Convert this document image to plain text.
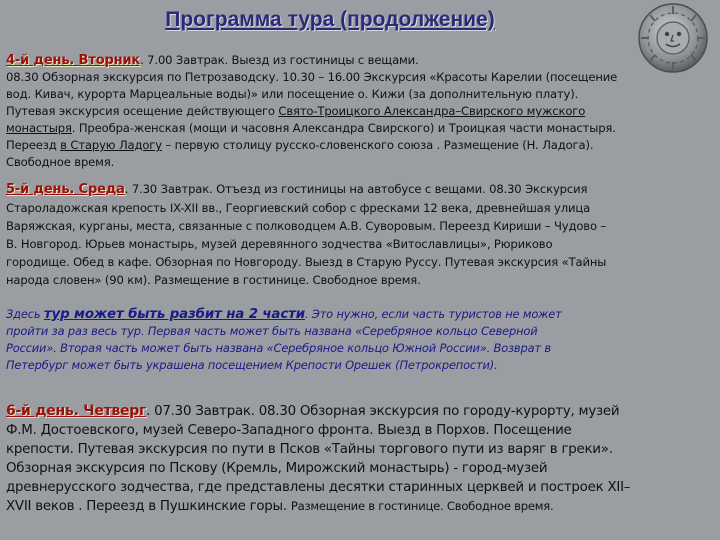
Программа тура (продолжение)
4-й день. Вторник. 7.00 Завтрак. Выезд из гостиницы с вещами.
08.30 Обзорная экскурсия по Петрозаводску. 10.30 – 16.00 Экскурсия «Красоты Карелии (посещение
вод. Кивач, курорта Марцеальные воды)» или посещение о. Кижи (за дополнительную плату).
Путевая экскурсия осещение действующего Свято-Троицкого Александра–Свирского мужского
монастыря. Преобра-женская (мощи и часовня Александра Свирского) и Троицкая части монастыря.
Переезд в Старую Ладогу – первую столицу русско-словенского союза . Размещение (Н. Ладога).
Свободное время.
5-й день. Среда. 7.30 Завтрак. Отъезд из гостиницы на автобусе с вещами. 08.30 Экскурсия
Староладожская крепость IX-XII вв., Георгиевский собор с фресками 12 века, древнейшая улица
Варяжская, курганы, места, связанные с полководцем А.В. Суворовым. Переезд Кириши – Чудово –
В. Новгород. Юрьев монастырь, музей деревянного зодчества «Витославлицы», Рюриково
городище. Обед в кафе. Обзорная по Новгороду. Выезд в Старую Руссу. Путевая экскурсия «Тайны
народа словен» (90 км). Размещение в гостинице. Свободное время.
Здесь тур может быть разбит на 2 части. Это нужно, если часть туристов не может
пройти за раз весь тур. Первая часть может быть названа «Серебряное кольцо Северной
России». Вторая часть может быть названа «Серебряное кольцо Южной России». Возврат в
Петербург может быть украшена посещением Крепости Орешек (Петрокрепости).
6-й день. Четверг. 07.30 Завтрак. 08.30 Обзорная экскурсия по городу-курорту, музей
Ф.М. Достоевского, музей Северо-Западного фронта. Выезд в Порхов. Посещение
крепости. Путевая экскурсия по пути в Псков «Тайны торгового пути из варяг в греки».
Обзорная экскурсия по Пскову (Кремль, Мирожский монастырь) - город-музей
древнерусского зодчества, где представлены десятки старинных церквей и построек XII–
XVII веков . Переезд в Пушкинские горы. Размещение в гостинице. Свободное время.
